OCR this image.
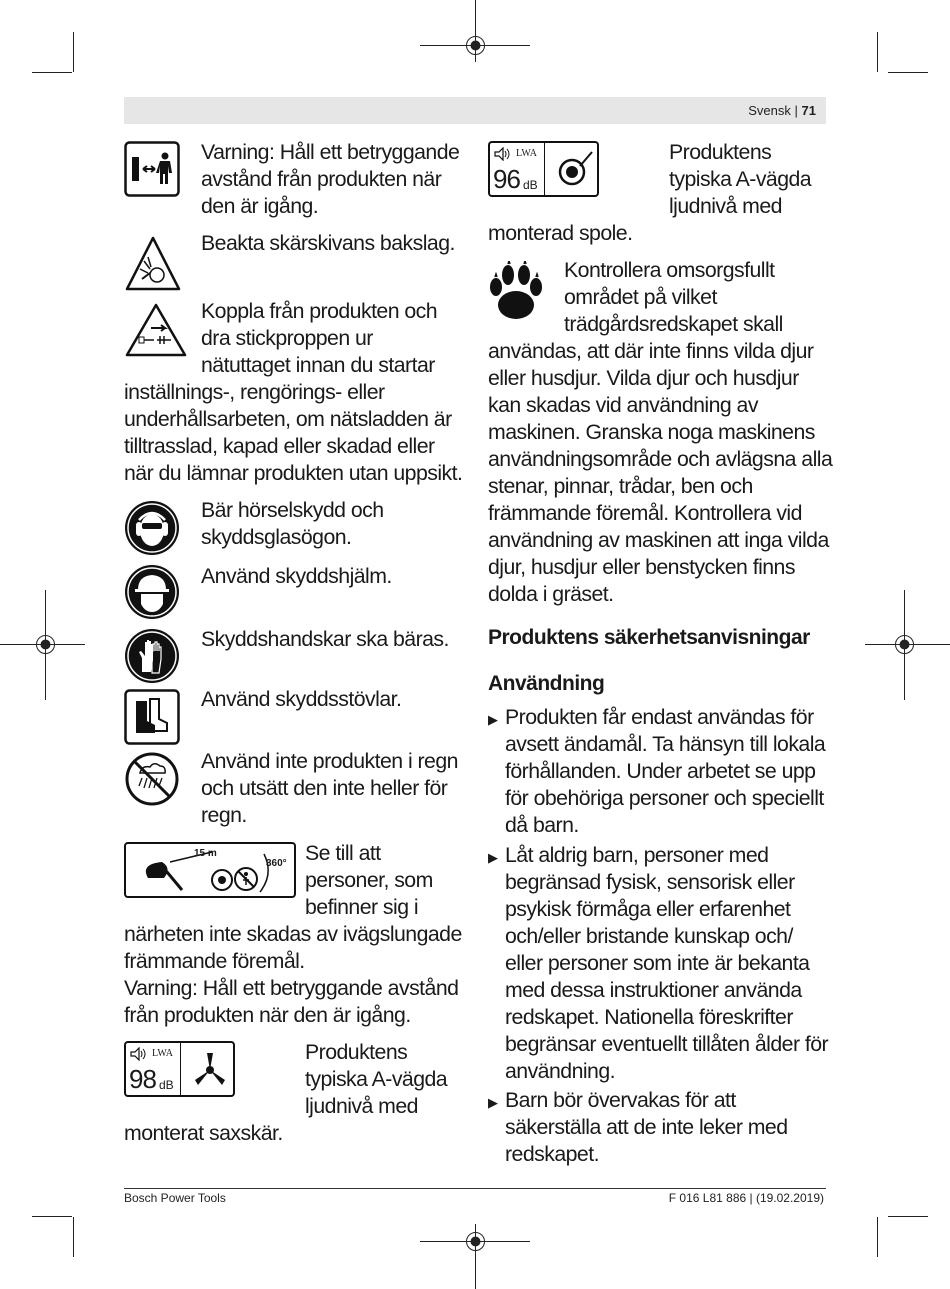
Svensk | 71
Varning: Håll ett betryggande
avstånd från produkten när
den är igång.
Beakta skärskivans bakslag.
Koppla från produkten och
dra stickproppen ur
nätuttaget innan du startar
inställnings-, rengörings- eller
underhållsarbeten, om nätsladden är
tilltrasslad, kapad eller skadad eller
när du lämnar produkten utan uppsikt.
Bär hörselskydd och
skyddsglasögon.
Använd skyddshjälm.
Skyddshandskar ska bäras.
Använd skyddsstövlar.
Använd inte produkten i regn
och utsätt den inte heller för
regn.
15 m
360° Se till att
personer, som
befinner sig i
närheten inte skadas av ivägslungade
främmande föremål.
Varning: Håll ett betryggande avstånd
från produkten när den är igång.
LWA
98 dB
Produktens
typiska A-vägda
ljudnivå med
monterat saxskär.
LWA
96 dB
Produktens
typiska A-vägda
ljudnivå med
monterad spole.
Kontrollera omsorgsfullt
området på vilket
trädgårdsredskapet skall
användas, att där inte finns vilda djur
eller husdjur. Vilda djur och husdjur
kan skadas vid användning av
maskinen. Granska noga maskinens
användningsområde och avlägsna alla
stenar, pinnar, trådar, ben och
främmande föremål. Kontrollera vid
användning av maskinen att inga vilda
djur, husdjur eller benstycken finns
dolda i gräset.
Produktens säkerhetsanvisningar
Användning
▶ Produkten får endast användas för
avsett ändamål. Ta hänsyn till lokala
förhållanden. Under arbetet se upp
för obehöriga personer och speciellt
då barn.
▶ Låt aldrig barn, personer med
begränsad fysisk, sensorisk eller
psykisk förmåga eller erfarenhet
och/eller bristande kunskap och/
eller personer som inte är bekanta
med dessa instruktioner använda
redskapet. Nationella föreskrifter
begränsar eventuellt tillåten ålder för
användning.
▶ Barn bör övervakas för att
säkerställa att de inte leker med
redskapet.
Bosch Power Tools	F 016 L81 886 | (19.02.2019)
